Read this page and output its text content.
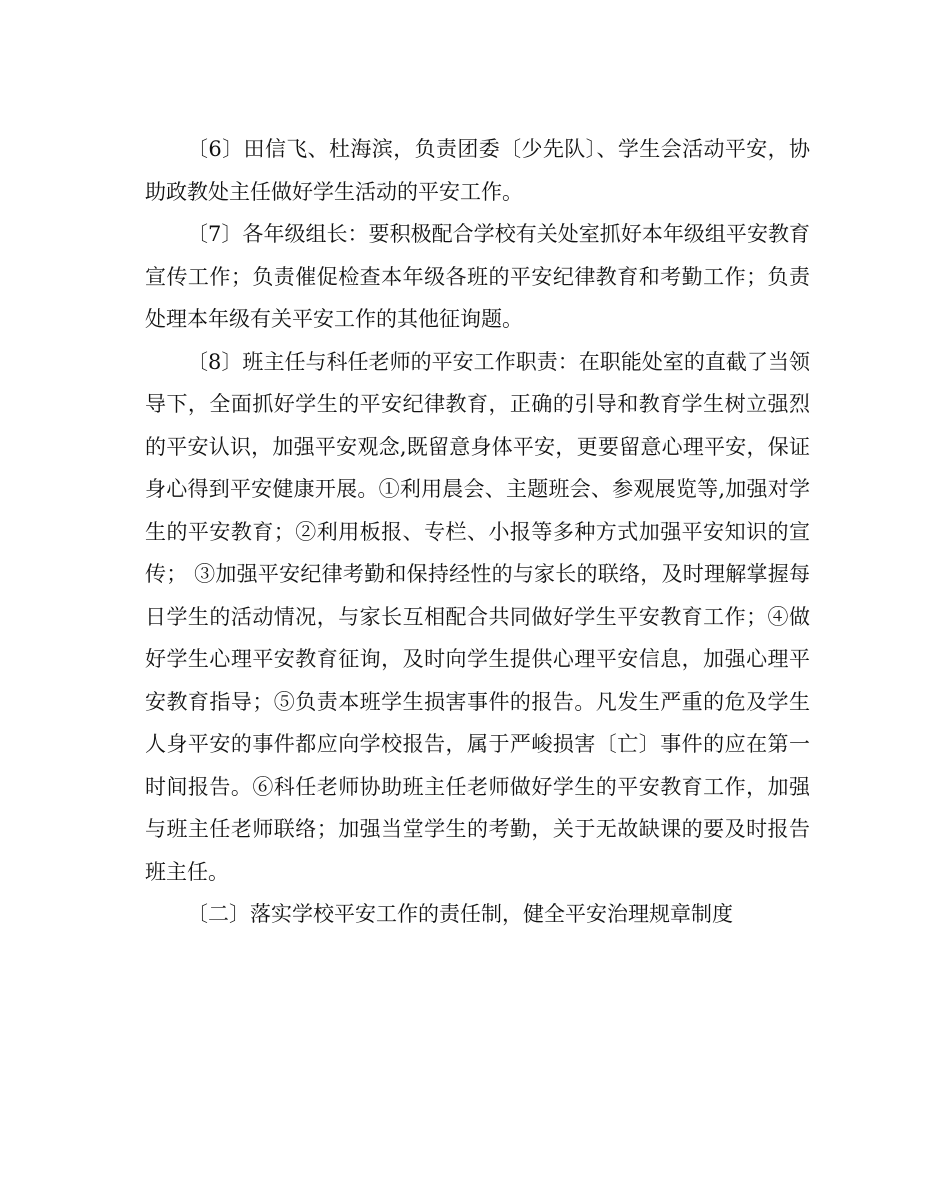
〔6〕田信飞、杜海滨，负责团委〔少先队〕、学生会活动平安，协助政教处主任做好学生活动的平安工作。

〔7〕各年级组长：要积极配合学校有关处室抓好本年级组平安教育宣传工作；负责催促检查本年级各班的平安纪律教育和考勤工作；负责处理本年级有关平安工作的其他征询题。

〔8〕班主任与科任老师的平安工作职责：在职能处室的直截了当领导下，全面抓好学生的平安纪律教育，正确的引导和教育学生树立强烈的平安认识，加强平安观念,既留意身体平安，更要留意心理平安，保证身心得到平安健康开展。①利用晨会、主题班会、参观展览等,加强对学生的平安教育；②利用板报、专栏、小报等多种方式加强平安知识的宣传； ③加强平安纪律考勤和保持经性的与家长的联络，及时理解掌握每日学生的活动情况，与家长互相配合共同做好学生平安教育工作；④做好学生心理平安教育征询，及时向学生提供心理平安信息，加强心理平安教育指导；⑤负责本班学生损害事件的报告。凡发生严重的危及学生人身平安的事件都应向学校报告，属于严峻损害〔亡〕事件的应在第一时间报告。⑥科任老师协助班主任老师做好学生的平安教育工作，加强与班主任老师联络；加强当堂学生的考勤，关于无故缺课的要及时报告班主任。

〔二〕落实学校平安工作的责任制，健全平安治理规章制度
